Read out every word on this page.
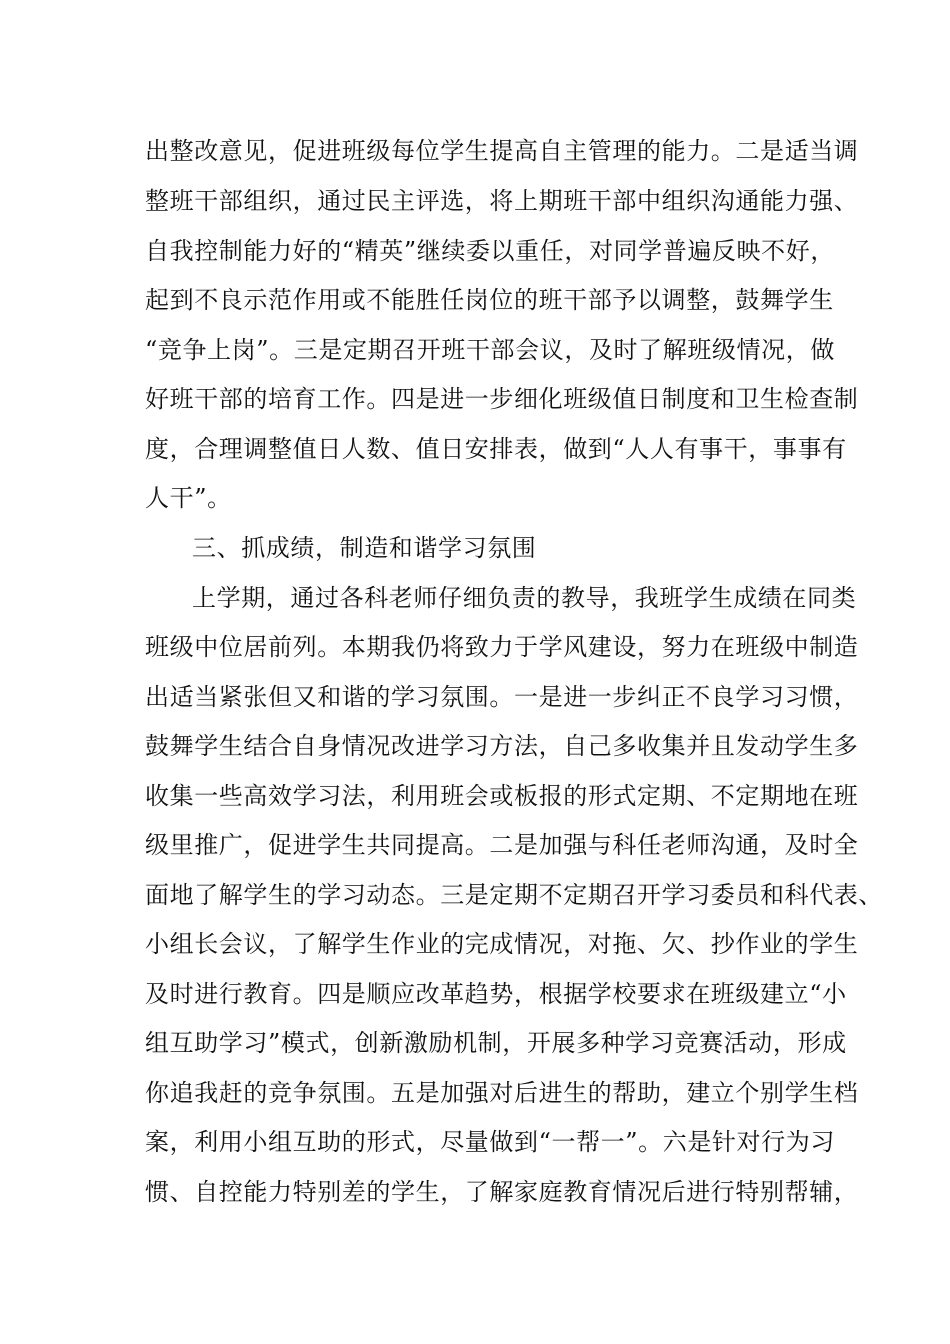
出整改意见，促进班级每位学生提高自主管理的能力。二是适当调
整班干部组织，通过民主评选，将上期班干部中组织沟通能力强、
自我控制能力好的“精英”继续委以重任，对同学普遍反映不好，
起到不良示范作用或不能胜任岗位的班干部予以调整，鼓舞学生
“竞争上岗”。三是定期召开班干部会议，及时了解班级情况，做
好班干部的培育工作。四是进一步细化班级值日制度和卫生检查制
度，合理调整值日人数、值日安排表，做到“人人有事干，事事有
人干”。
三、抓成绩，制造和谐学习氛围
上学期，通过各科老师仔细负责的教导，我班学生成绩在同类
班级中位居前列。本期我仍将致力于学风建设，努力在班级中制造
出适当紧张但又和谐的学习氛围。一是进一步纠正不良学习习惯，
鼓舞学生结合自身情况改进学习方法，自己多收集并且发动学生多
收集一些高效学习法，利用班会或板报的形式定期、不定期地在班
级里推广，促进学生共同提高。二是加强与科任老师沟通，及时全
面地了解学生的学习动态。三是定期不定期召开学习委员和科代表、
小组长会议，了解学生作业的完成情况，对拖、欠、抄作业的学生
及时进行教育。四是顺应改革趋势，根据学校要求在班级建立“小
组互助学习”模式，创新激励机制，开展多种学习竞赛活动，形成
你追我赶的竞争氛围。五是加强对后进生的帮助，建立个别学生档
案，利用小组互助的形式，尽量做到“一帮一”。六是针对行为习
惯、自控能力特别差的学生，了解家庭教育情况后进行特别帮辅，
